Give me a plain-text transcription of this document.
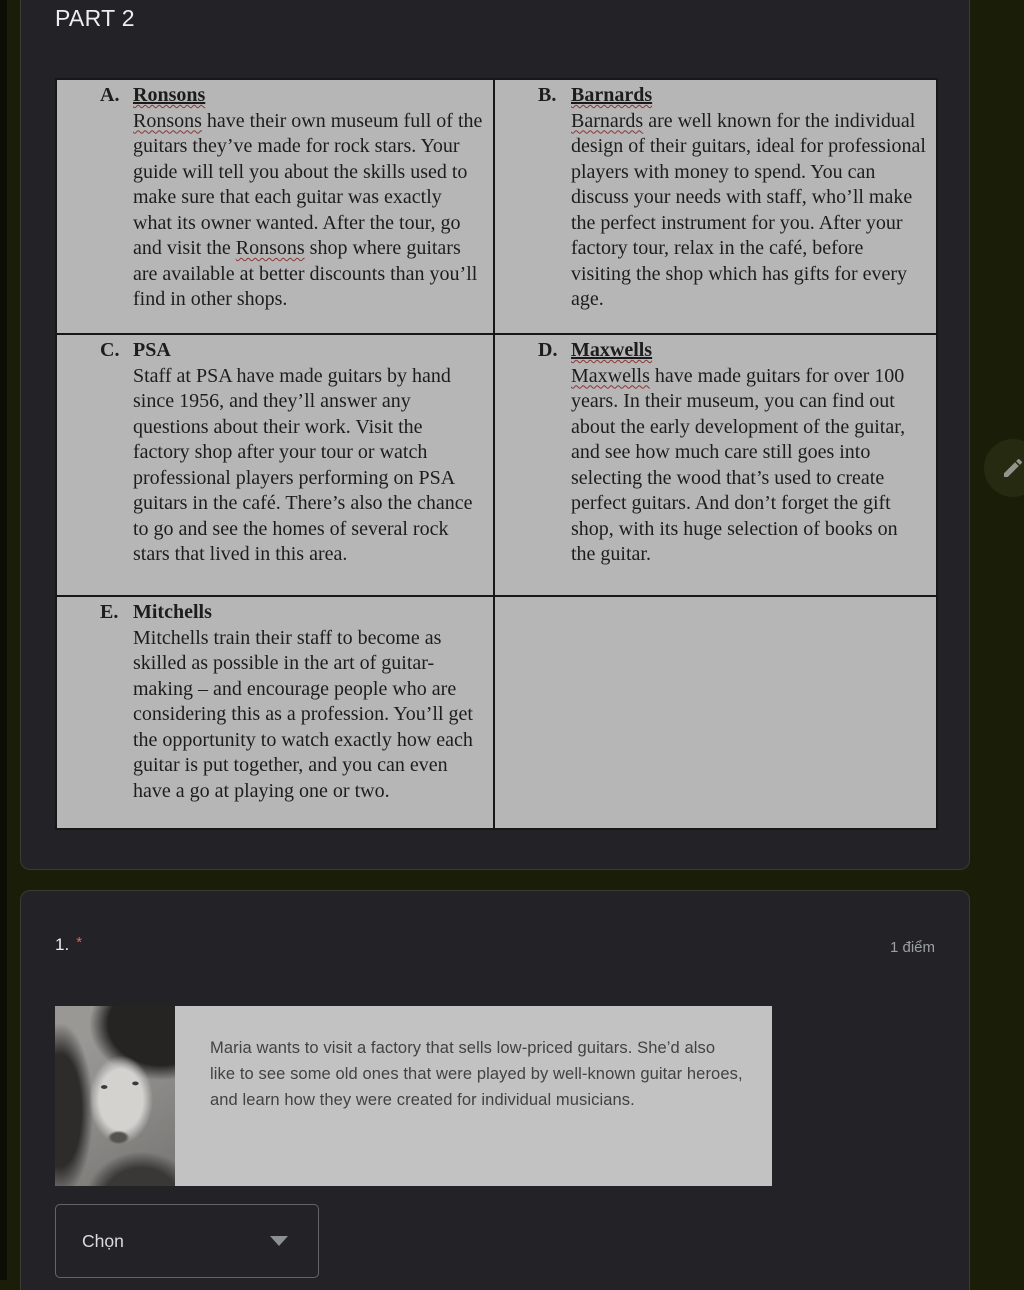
PART 2
A. Ronsons

Ronsons have their own museum full of the guitars they’ve made for rock stars. Your guide will tell you about the skills used to make sure that each guitar was exactly what its owner wanted. After the tour, go and visit the Ronsons shop where guitars are available at better discounts than you’ll find in other shops.

B. Barnards

Barnards are well known for the individual design of their guitars, ideal for professional players with money to spend. You can discuss your needs with staff, who’ll make the perfect instrument for you. After your factory tour, relax in the café, before visiting the shop which has gifts for every age.

C. PSA

Staff at PSA have made guitars by hand since 1956, and they’ll answer any questions about their work. Visit the factory shop after your tour or watch professional players performing on PSA guitars in the café. There’s also the chance to go and see the homes of several rock stars that lived in this area.

D. Maxwells

Maxwells have made guitars for over 100 years. In their museum, you can find out about the early development of the guitar, and see how much care still goes into selecting the wood that’s used to create perfect guitars. And don’t forget the gift shop, with its huge selection of books on the guitar.

E. Mitchells

Mitchells train their staff to become as skilled as possible in the art of guitar-making – and encourage people who are considering this as a profession. You’ll get the opportunity to watch exactly how each guitar is put together, and you can even have a go at playing one or two.

1. *	1 điểm
Maria wants to visit a factory that sells low-priced guitars. She’d also like to see some old ones that were played by well-known guitar heroes, and learn how they were created for individual musicians.
Chọn
